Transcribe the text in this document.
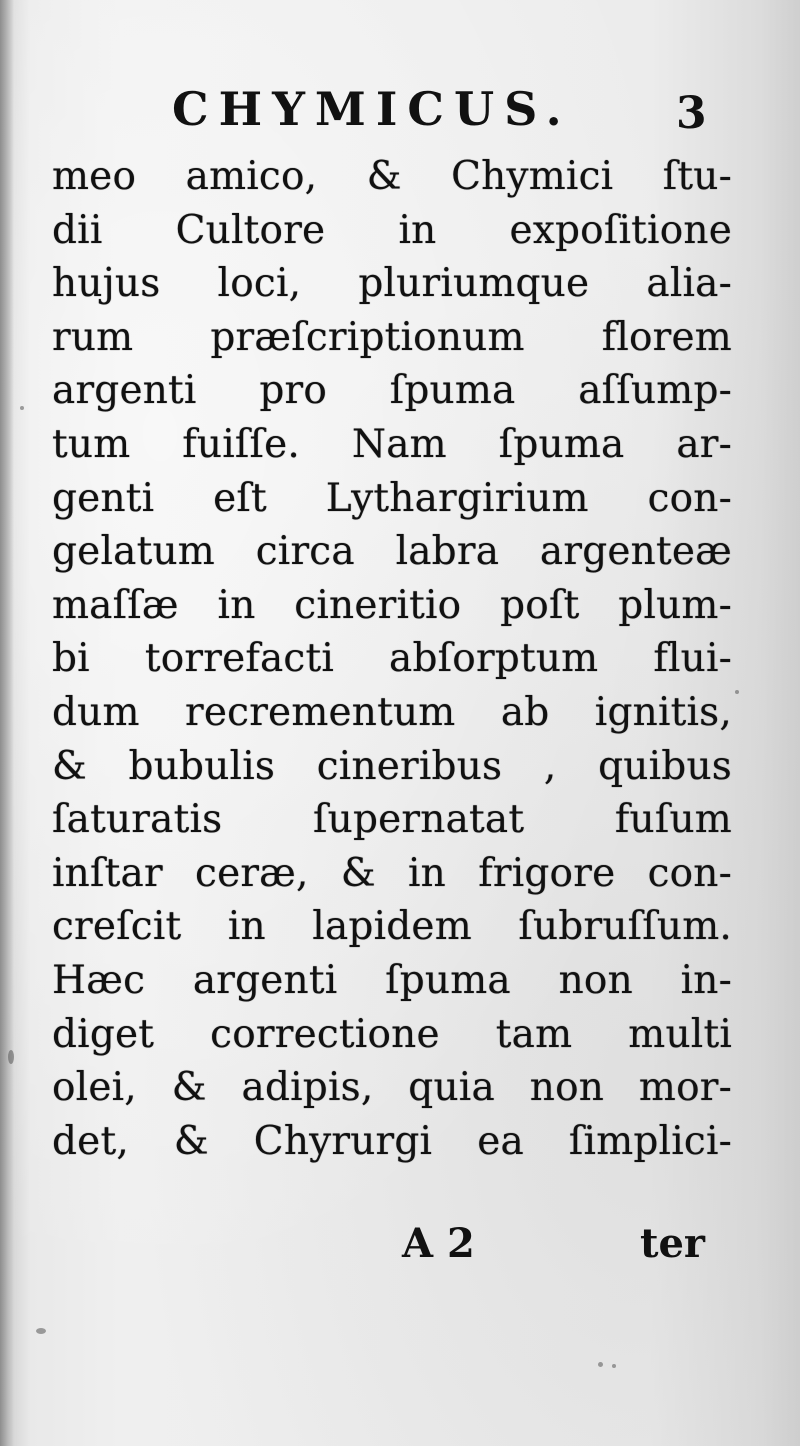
CHYMICUS. 3
meo amico, & Chymici ſtu-
dii Cultore in expoſitione
hujus loci, pluriumque alia-
rum præſcriptionum florem
argenti pro ſpuma aſſump-
tum fuiſſe. Nam ſpuma ar-
genti eſt Lythargirium con-
gelatum circa labra argenteæ
maſſæ in cineritio poſt plum-
bi torrefacti abſorptum flui-
dum recrementum ab ignitis,
& bubulis cineribus , quibus
ſaturatis ſupernatat fuſum
inſtar ceræ, & in frigore con-
creſcit in lapidem ſubruſſum.
Hæc argenti ſpuma non in-
diget correctione tam multi
olei, & adipis, quia non mor-
det, & Chyrurgi ea ſimplici-
A 2	ter
